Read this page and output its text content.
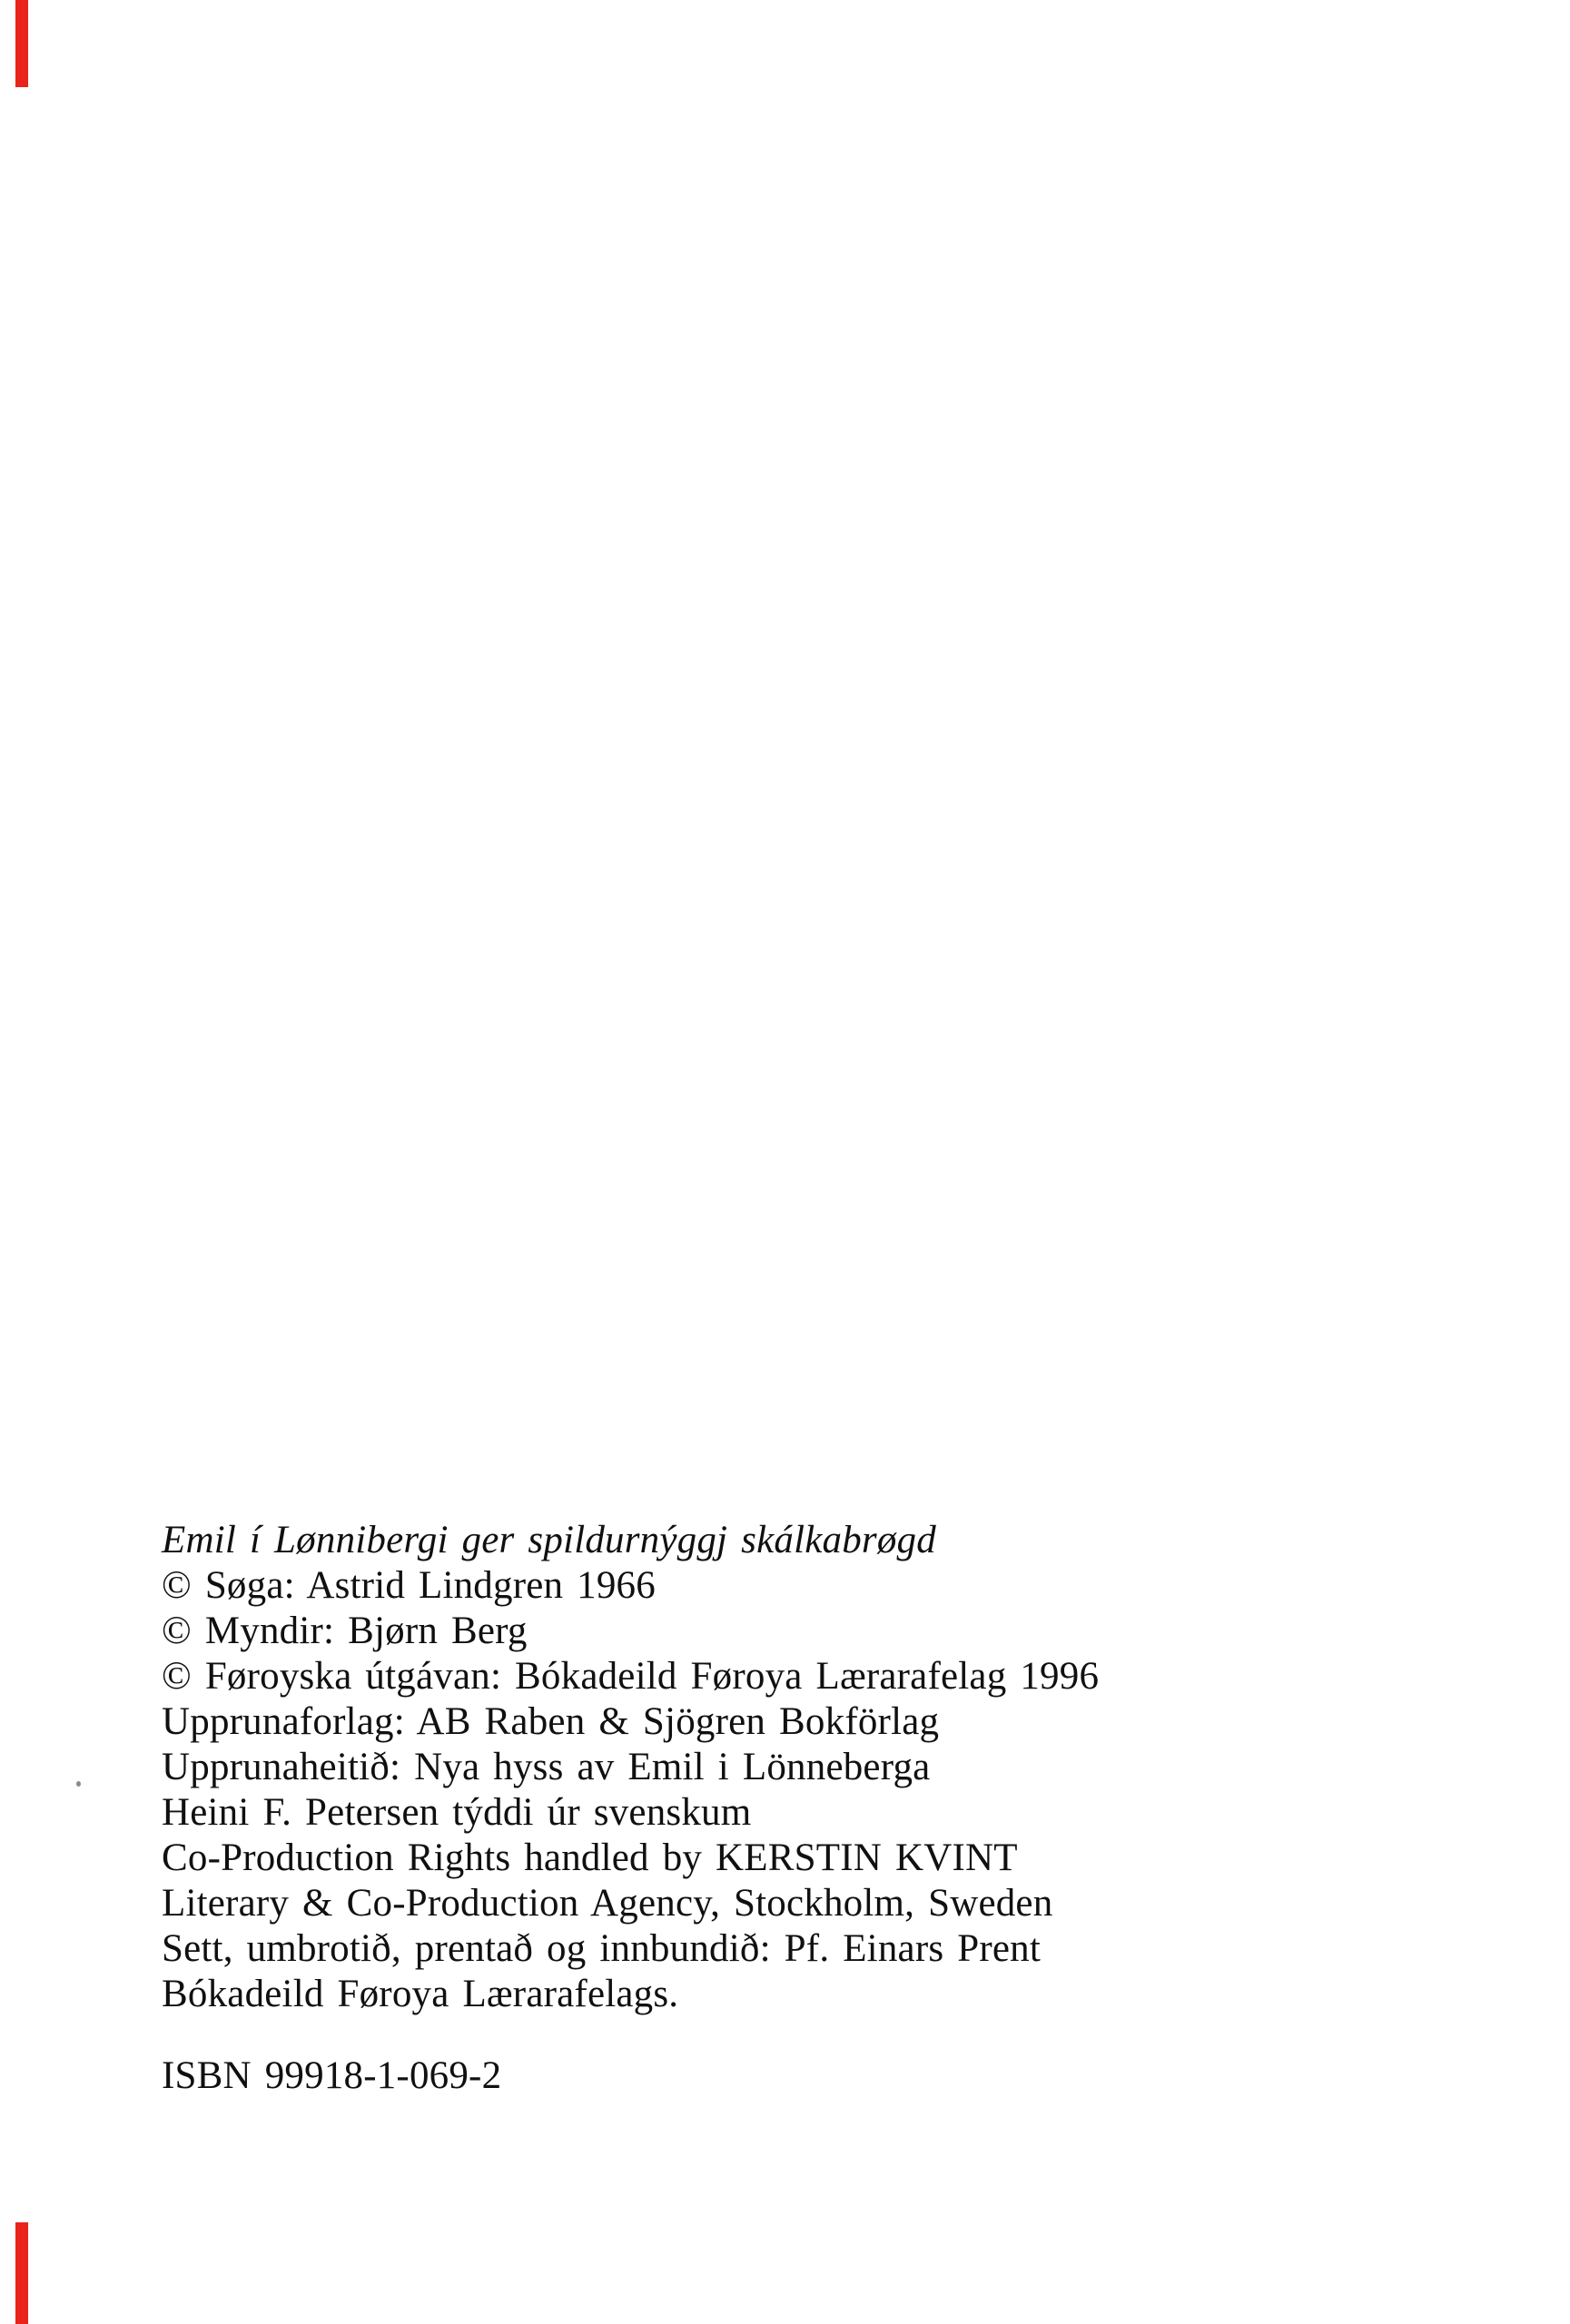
Emil í Lønnibergi ger spildurnýggj skálkabrøgd

© Søga: Astrid Lindgren 1966

© Myndir: Bjørn Berg

© Føroyska útgávan: Bókadeild Føroya Lærarafelag 1996

Upprunaforlag: AB Raben & Sjögren Bokförlag

Upprunaheitið: Nya hyss av Emil i Lönneberga

Heini F. Petersen týddi úr svenskum

Co-Production Rights handled by KERSTIN KVINT

Literary & Co-Production Agency, Stockholm, Sweden

Sett, umbrotið, prentað og innbundið: Pf. Einars Prent

Bókadeild Føroya Lærarafelags.

ISBN 99918-1-069-2
